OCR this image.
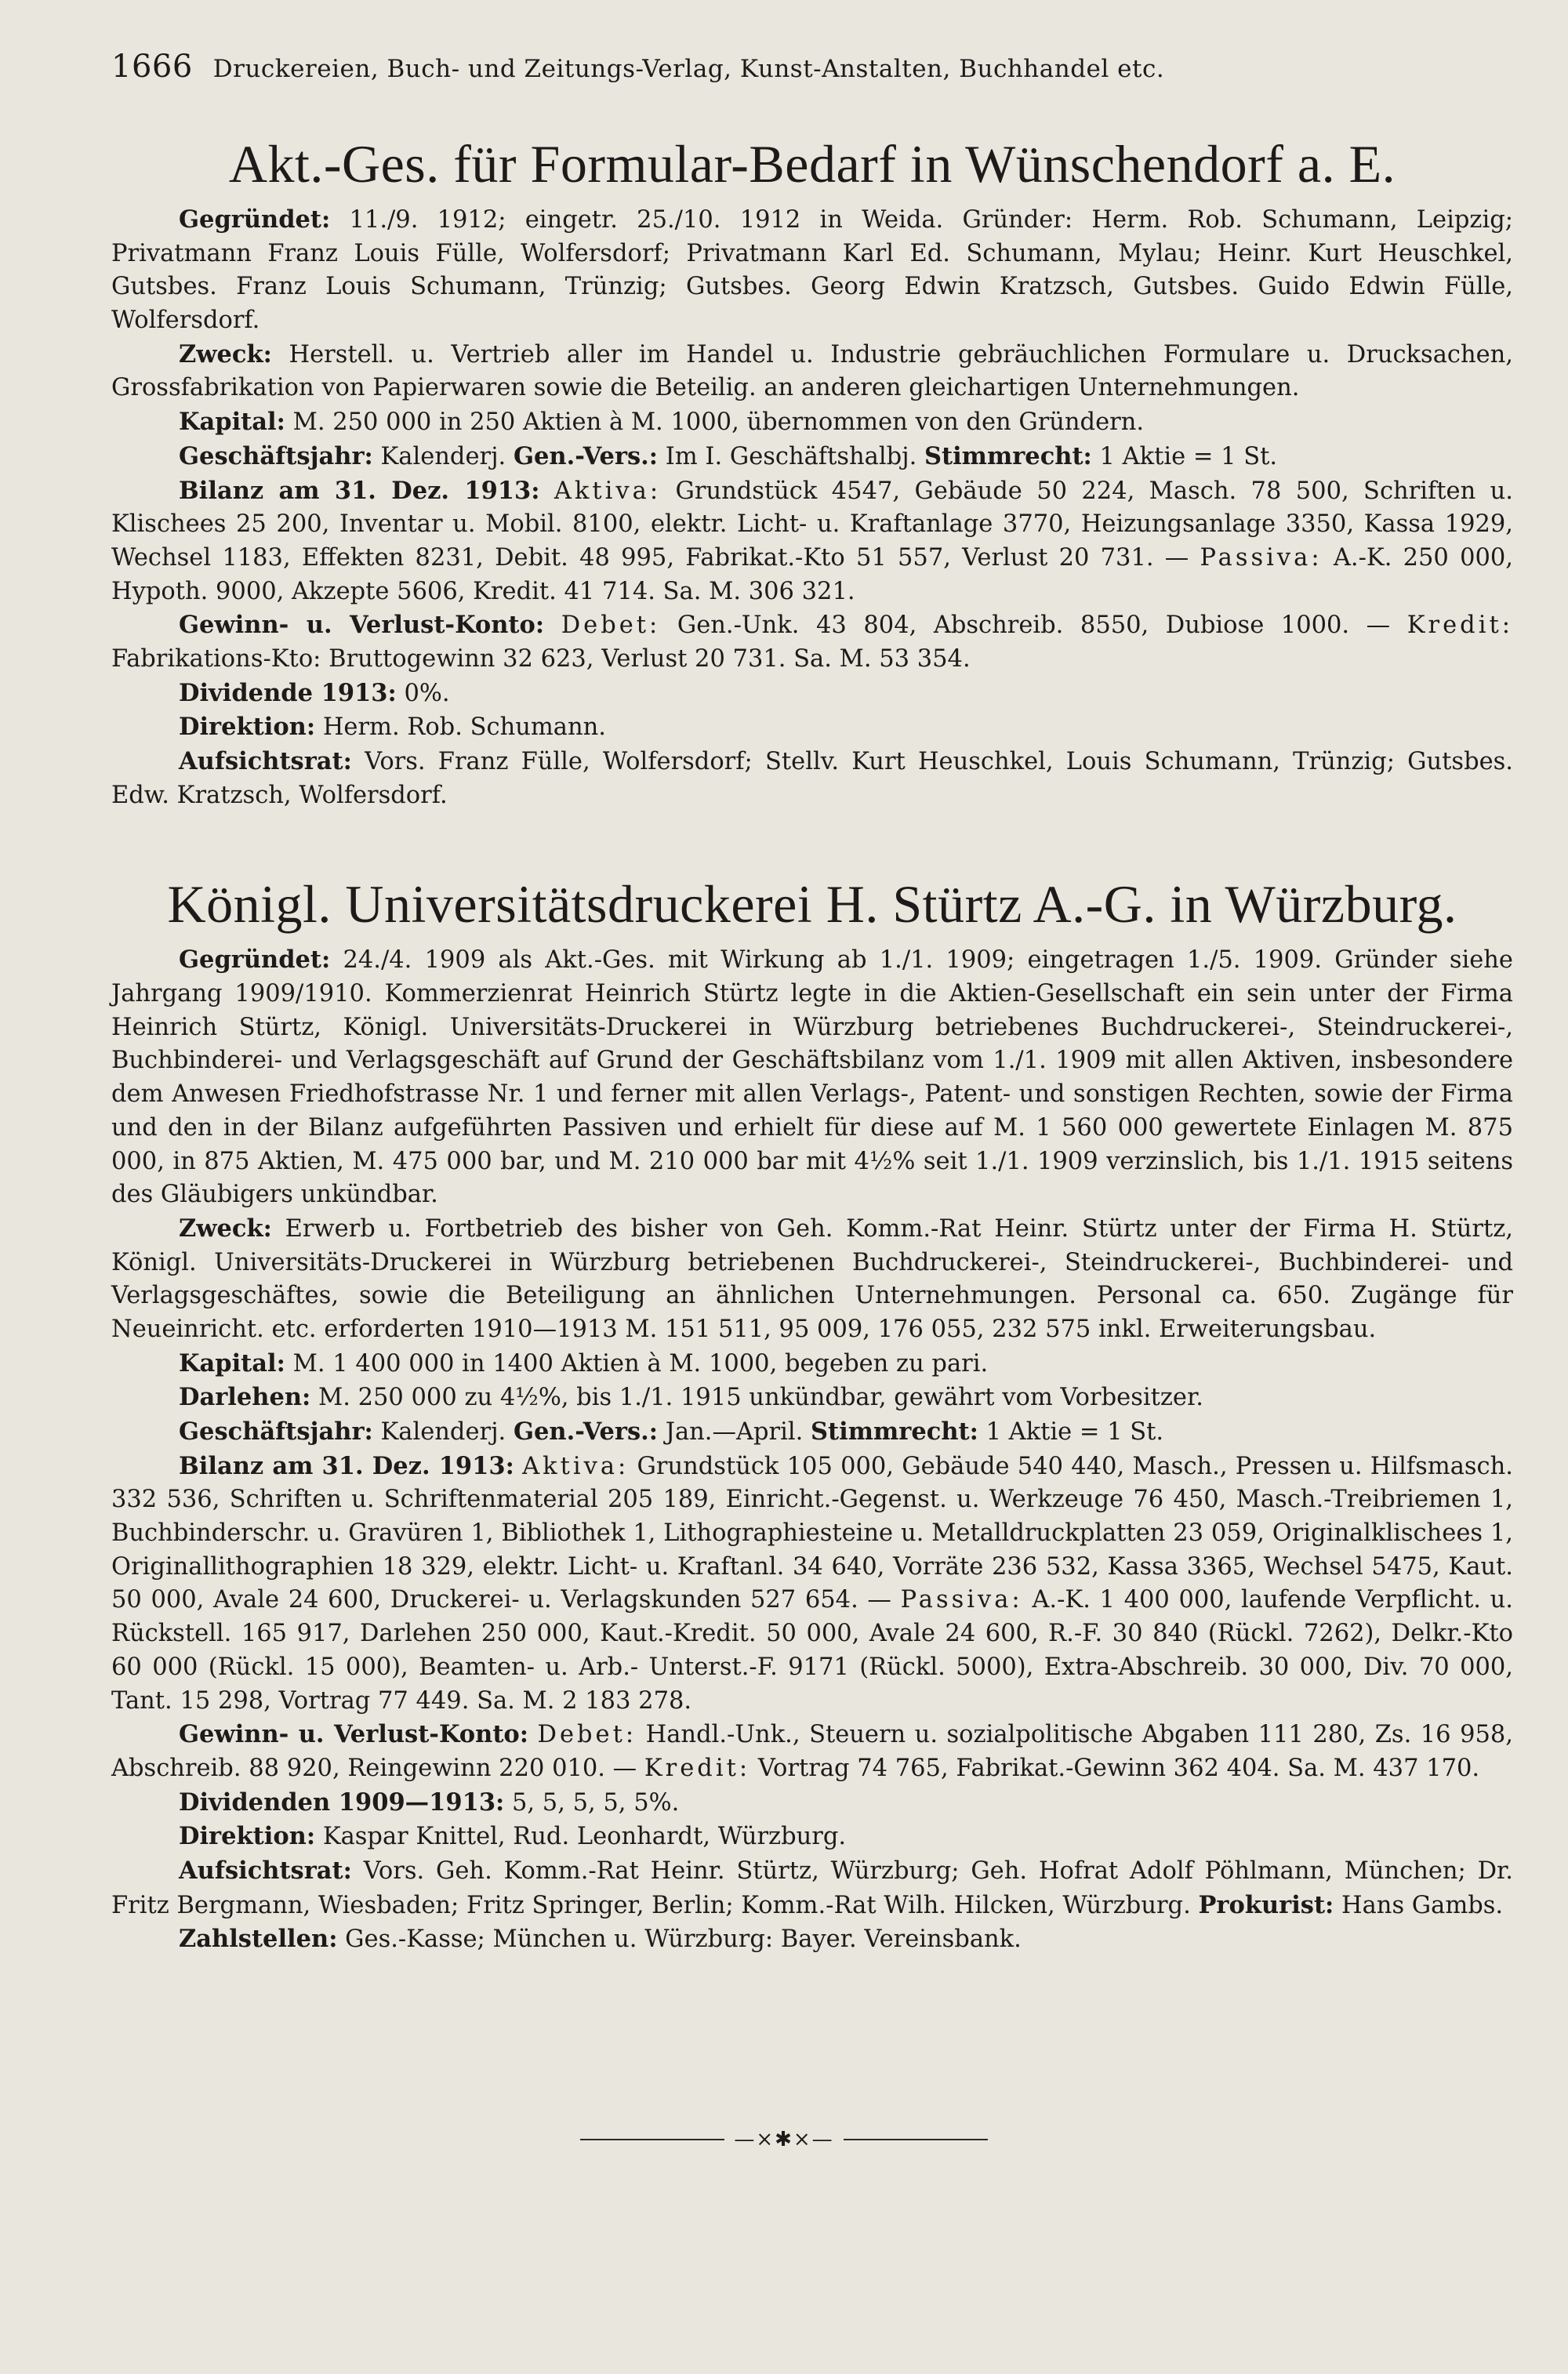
1666 Druckereien, Buch- und Zeitungs-Verlag, Kunst-Anstalten, Buchhandel etc.
Akt.-Ges. für Formular-Bedarf in Wünschendorf a. E.

Gegründet: 11./9. 1912; eingetr. 25./10. 1912 in Weida. Gründer: Herm. Rob. Schumann, Leipzig; Privatmann Franz Louis Fülle, Wolfersdorf; Privatmann Karl Ed. Schumann, Mylau; Heinr. Kurt Heuschkel, Gutsbes. Franz Louis Schumann, Trünzig; Gutsbes. Georg Edwin Kratzsch, Gutsbes. Guido Edwin Fülle, Wolfersdorf.

Zweck: Herstell. u. Vertrieb aller im Handel u. Industrie gebräuchlichen Formulare u. Drucksachen, Grossfabrikation von Papierwaren sowie die Beteilig. an anderen gleichartigen Unternehmungen.

Kapital: M. 250 000 in 250 Aktien à M. 1000, übernommen von den Gründern.

Geschäftsjahr: Kalenderj. Gen.-Vers.: Im I. Geschäftshalbj. Stimmrecht: 1 Aktie = 1 St.

Bilanz am 31. Dez. 1913: Aktiva: Grundstück 4547, Gebäude 50 224, Masch. 78 500, Schriften u. Klischees 25 200, Inventar u. Mobil. 8100, elektr. Licht- u. Kraftanlage 3770, Heizungsanlage 3350, Kassa 1929, Wechsel 1183, Effekten 8231, Debit. 48 995, Fabrikat.-Kto 51 557, Verlust 20 731. — Passiva: A.-K. 250 000, Hypoth. 9000, Akzepte 5606, Kredit. 41 714. Sa. M. 306 321.

Gewinn- u. Verlust-Konto: Debet: Gen.-Unk. 43 804, Abschreib. 8550, Dubiose 1000. — Kredit: Fabrikations-Kto: Bruttogewinn 32 623, Verlust 20 731. Sa. M. 53 354.

Dividende 1913: 0%.

Direktion: Herm. Rob. Schumann.

Aufsichtsrat: Vors. Franz Fülle, Wolfersdorf; Stellv. Kurt Heuschkel, Louis Schumann, Trünzig; Gutsbes. Edw. Kratzsch, Wolfersdorf.

Königl. Universitätsdruckerei H. Stürtz A.-G. in Würzburg.

Gegründet: 24./4. 1909 als Akt.-Ges. mit Wirkung ab 1./1. 1909; eingetragen 1./5. 1909. Gründer siehe Jahrgang 1909/1910. Kommerzienrat Heinrich Stürtz legte in die Aktien-Gesellschaft ein sein unter der Firma Heinrich Stürtz, Königl. Universitäts-Druckerei in Würzburg betriebenes Buchdruckerei-, Steindruckerei-, Buchbinderei- und Verlagsgeschäft auf Grund der Geschäftsbilanz vom 1./1. 1909 mit allen Aktiven, insbesondere dem Anwesen Friedhofstrasse Nr. 1 und ferner mit allen Verlags-, Patent- und sonstigen Rechten, sowie der Firma und den in der Bilanz aufgeführten Passiven und erhielt für diese auf M. 1 560 000 gewertete Einlagen M. 875 000, in 875 Aktien, M. 475 000 bar, und M. 210 000 bar mit 4½% seit 1./1. 1909 verzinslich, bis 1./1. 1915 seitens des Gläubigers unkündbar.

Zweck: Erwerb u. Fortbetrieb des bisher von Geh. Komm.-Rat Heinr. Stürtz unter der Firma H. Stürtz, Königl. Universitäts-Druckerei in Würzburg betriebenen Buchdruckerei-, Steindruckerei-, Buchbinderei- und Verlagsgeschäftes, sowie die Beteiligung an ähnlichen Unternehmungen. Personal ca. 650. Zugänge für Neueinricht. etc. erforderten 1910—1913 M. 151 511, 95 009, 176 055, 232 575 inkl. Erweiterungsbau.

Kapital: M. 1 400 000 in 1400 Aktien à M. 1000, begeben zu pari.

Darlehen: M. 250 000 zu 4½%, bis 1./1. 1915 unkündbar, gewährt vom Vorbesitzer.

Geschäftsjahr: Kalenderj. Gen.-Vers.: Jan.—April. Stimmrecht: 1 Aktie = 1 St.

Bilanz am 31. Dez. 1913: Aktiva: Grundstück 105 000, Gebäude 540 440, Masch., Pressen u. Hilfsmasch. 332 536, Schriften u. Schriftenmaterial 205 189, Einricht.-Gegenst. u. Werkzeuge 76 450, Masch.-Treibriemen 1, Buchbinderschr. u. Gravüren 1, Bibliothek 1, Lithographiesteine u. Metalldruckplatten 23 059, Originalklischees 1, Originallithographien 18 329, elektr. Licht- u. Kraftanl. 34 640, Vorräte 236 532, Kassa 3365, Wechsel 5475, Kaut. 50 000, Avale 24 600, Druckerei- u. Verlagskunden 527 654. — Passiva: A.-K. 1 400 000, laufende Verpflicht. u. Rückstell. 165 917, Darlehen 250 000, Kaut.-Kredit. 50 000, Avale 24 600, R.-F. 30 840 (Rückl. 7262), Delkr.-Kto 60 000 (Rückl. 15 000), Beamten- u. Arb.- Unterst.-F. 9171 (Rückl. 5000), Extra-Abschreib. 30 000, Div. 70 000, Tant. 15 298, Vortrag 77 449. Sa. M. 2 183 278.

Gewinn- u. Verlust-Konto: Debet: Handl.-Unk., Steuern u. sozialpolitische Abgaben 111 280, Zs. 16 958, Abschreib. 88 920, Reingewinn 220 010. — Kredit: Vortrag 74 765, Fabrikat.-Gewinn 362 404. Sa. M. 437 170.

Dividenden 1909—1913: 5, 5, 5, 5, 5%.

Direktion: Kaspar Knittel, Rud. Leonhardt, Würzburg.

Aufsichtsrat: Vors. Geh. Komm.-Rat Heinr. Stürtz, Würzburg; Geh. Hofrat Adolf Pöhlmann, München; Dr. Fritz Bergmann, Wiesbaden; Fritz Springer, Berlin; Komm.-Rat Wilh. Hilcken, Würzburg. Prokurist: Hans Gambs.

Zahlstellen: Ges.-Kasse; München u. Würzburg: Bayer. Vereinsbank.

—×✱×—
